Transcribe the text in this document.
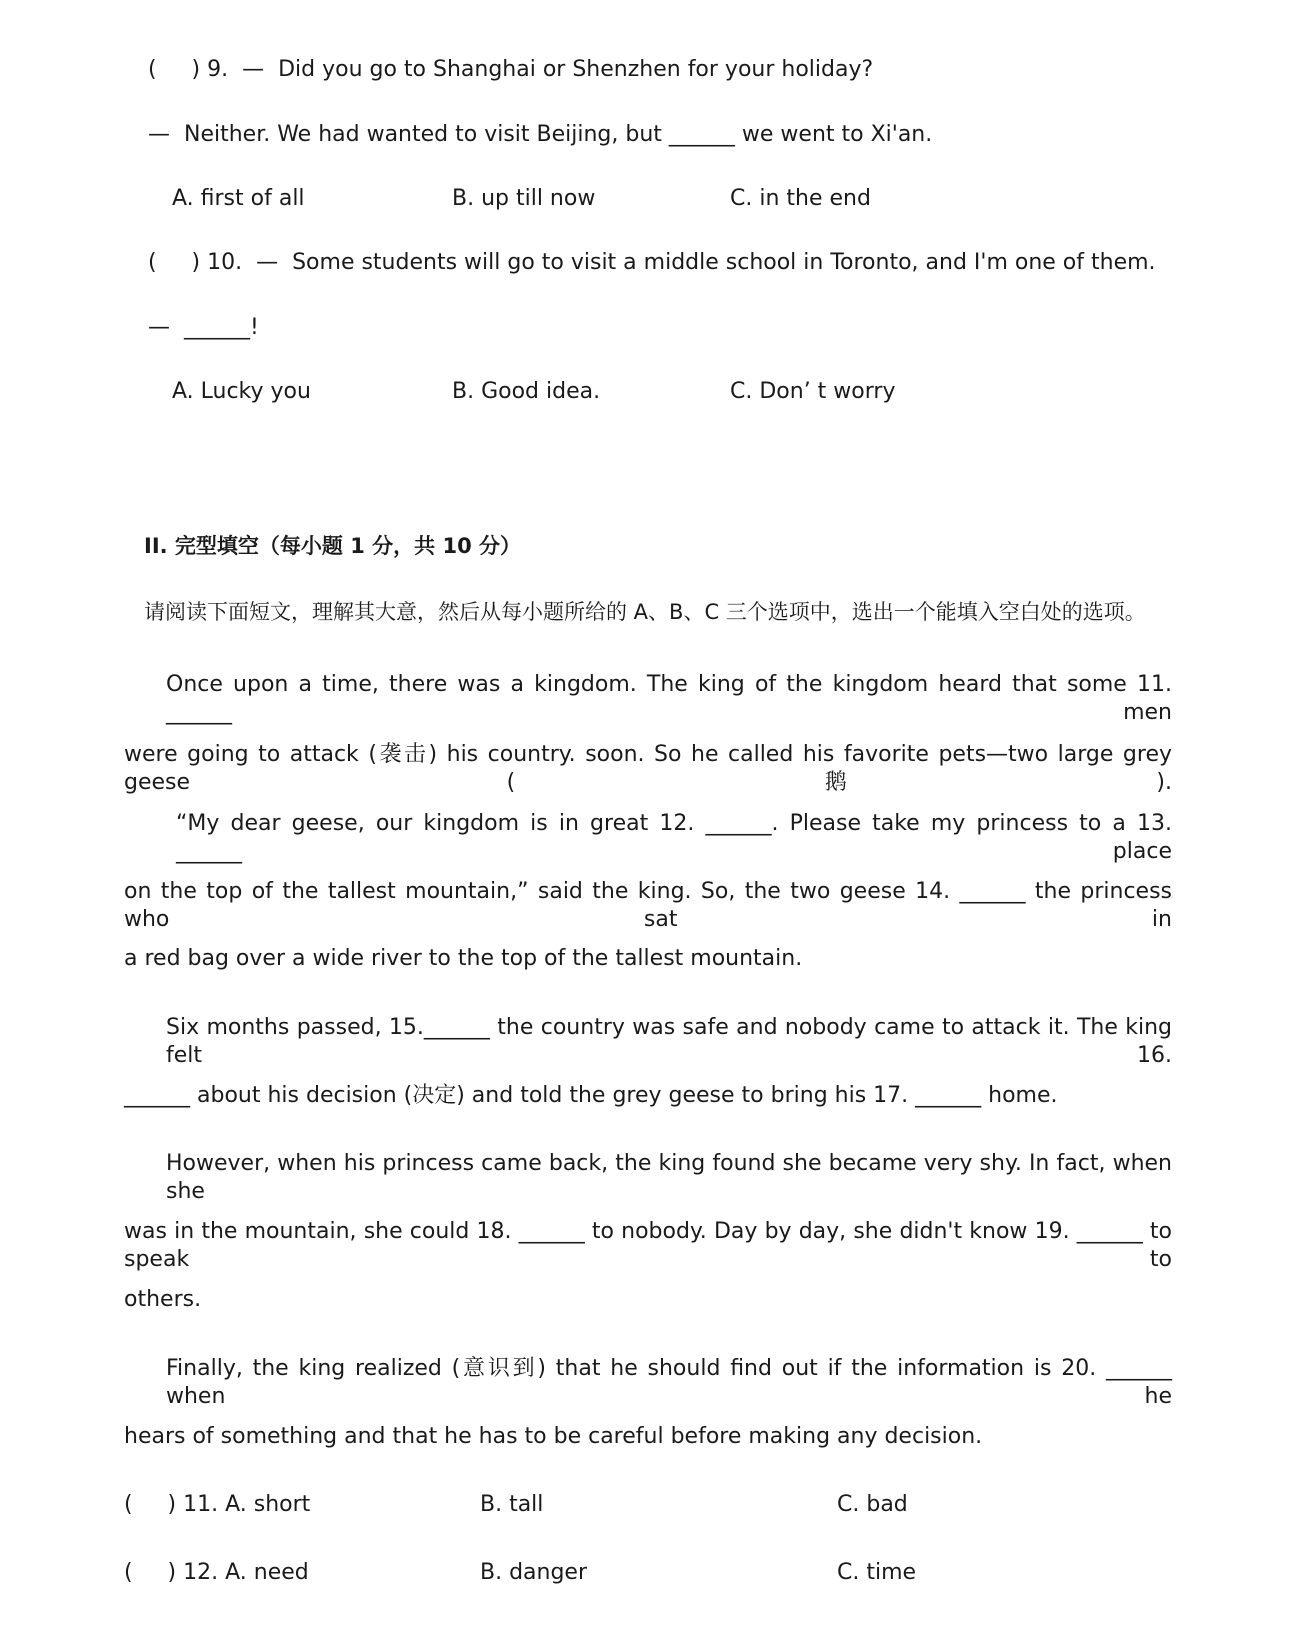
(     ) 9.  —  Did you go to Shanghai or Shenzhen for your holiday?
—  Neither. We had wanted to visit Beijing, but ______ we went to Xi'an.
A. first of all	B. up till now	C. in the end
(     ) 10.  —  Some students will go to visit a middle school in Toronto, and I'm one of them.
—  ______!
A. Lucky you	B. Good idea.	C. Don’ t worry
II. 完型填空（每小题 1 分，共 10 分）
请阅读下面短文，理解其大意，然后从每小题所给的 A、B、C 三个选项中，选出一个能填入空白处的选项。
Once upon a time, there was a kingdom. The king of the kingdom heard that some 11. ______ men
were going to attack (袭击) his country. soon. So he called his favorite pets—two large grey geese (鹅).
“My dear geese, our kingdom is in great 12. ______. Please take my princess to a 13. ______ place
on the top of the tallest mountain,” said the king. So, the two geese 14. ______ the princess who sat in
a red bag over a wide river to the top of the tallest mountain.
Six months passed, 15.______ the country was safe and nobody came to attack it. The king felt 16.
______ about his decision (决定) and told the grey geese to bring his 17. ______ home.
However, when his princess came back, the king found she became very shy. In fact, when she
was in the mountain, she could 18. ______ to nobody. Day by day, she didn't know 19. ______ to speak to
others.
Finally, the king realized (意识到) that he should find out if the information is 20. ______ when he
hears of something and that he has to be careful before making any decision.
(     ) 11. A. short	B. tall	C. bad
(     ) 12. A. need	B. danger	C. time
